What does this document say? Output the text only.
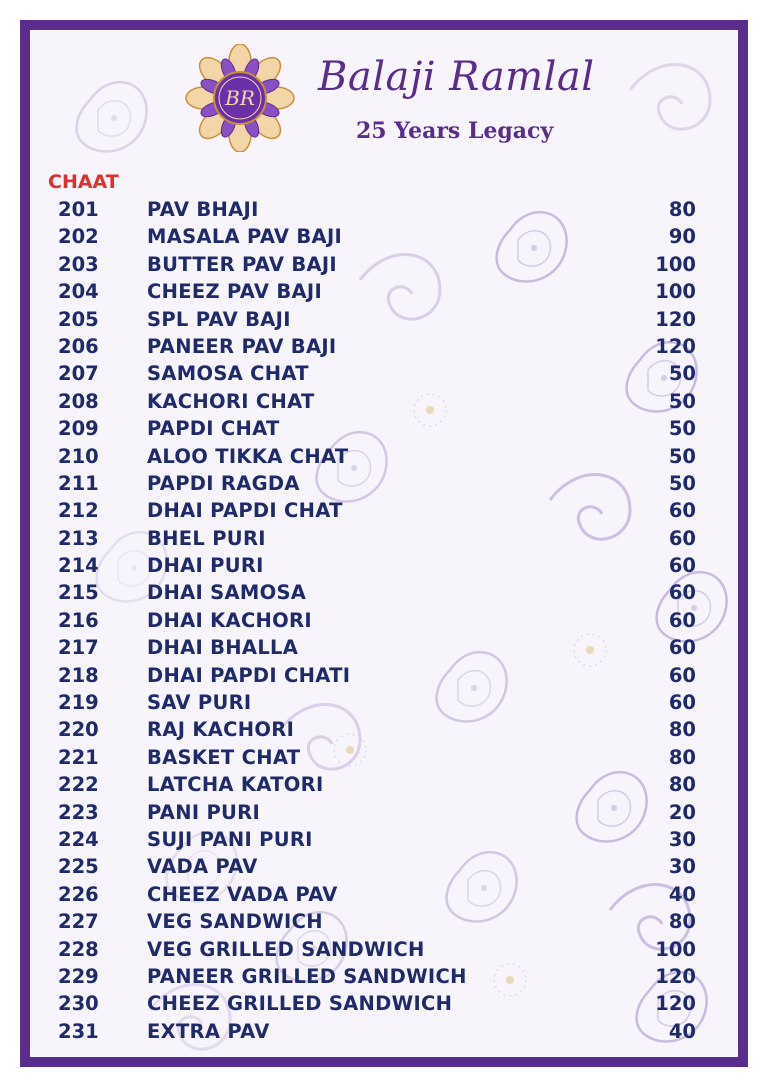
BR Balaji Ramlal
25 Years Legacy
CHAAT
201 PAV BHAJI	80
202 MASALA PAV BAJI	90
203 BUTTER PAV BAJI	100
204 CHEEZ PAV BAJI	100
205 SPL PAV BAJI	120
206 PANEER PAV BAJI	120
207 SAMOSA CHAT	50
208 KACHORI CHAT	50
209 PAPDI CHAT	50
210 ALOO TIKKA CHAT	50
211 PAPDI RAGDA	50
212 DHAI PAPDI CHAT	60
213 BHEL PURI	60
214 DHAI PURI	60
215 DHAI SAMOSA	60
216 DHAI KACHORI	60
217 DHAI BHALLA	60
218 DHAI PAPDI CHATI	60
219 SAV PURI	60
220 RAJ KACHORI	80
221 BASKET CHAT	80
222 LATCHA KATORI	80
223 PANI PURI	20
224 SUJI PANI PURI	30
225 VADA PAV	30
226 CHEEZ VADA PAV	40
227 VEG SANDWICH	80
228 VEG GRILLED SANDWICH	100
229 PANEER GRILLED SANDWICH	120
230 CHEEZ GRILLED SANDWICH	120
231 EXTRA PAV	40
